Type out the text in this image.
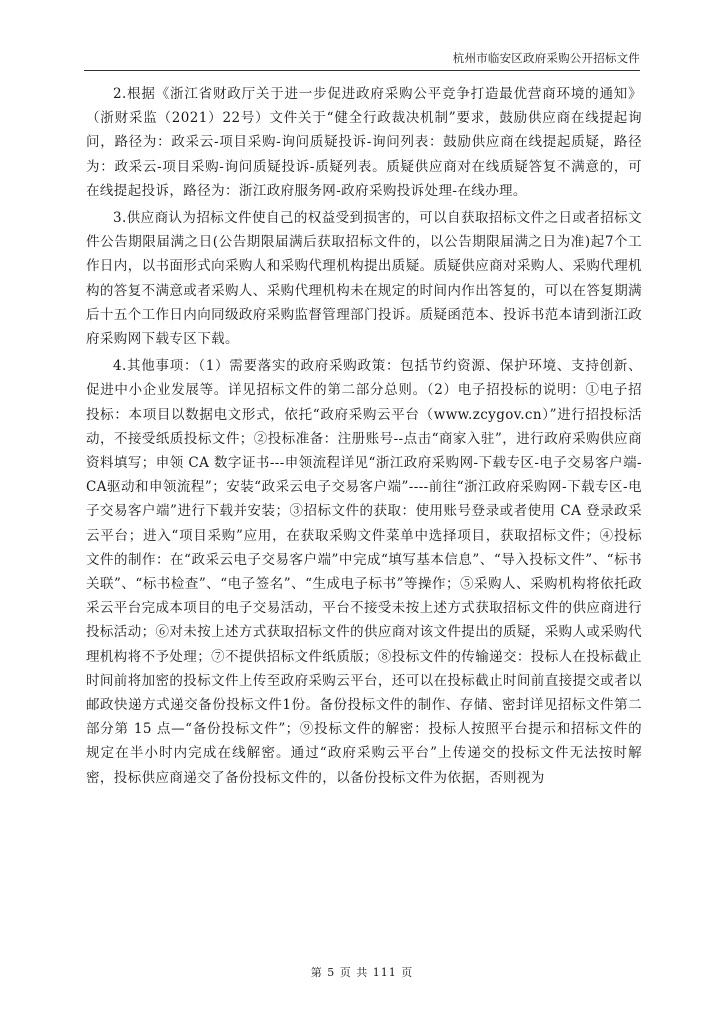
杭州市临安区政府采购公开招标文件

2.根据《浙江省财政厅关于进一步促进政府采购公平竞争打造最优营商环境的通知》（浙财采监（2021）22号）文件关于“健全行政裁决机制”要求，鼓励供应商在线提起询问，路径为：政采云-项目采购-询问质疑投诉-询问列表：鼓励供应商在线提起质疑，路径为：政采云-项目采购-询问质疑投诉-质疑列表。质疑供应商对在线质疑答复不满意的，可在线提起投诉，路径为：浙江政府服务网-政府采购投诉处理-在线办理。

3.供应商认为招标文件使自己的权益受到损害的，可以自获取招标文件之日或者招标文件公告期限届满之日(公告期限届满后获取招标文件的，以公告期限届满之日为准)起7个工作日内，以书面形式向采购人和采购代理机构提出质疑。质疑供应商对采购人、采购代理机构的答复不满意或者采购人、采购代理机构未在规定的时间内作出答复的，可以在答复期满后十五个工作日内向同级政府采购监督管理部门投诉。质疑函范本、投诉书范本请到浙江政府采购网下载专区下载。

4.其他事项：（1）需要落实的政府采购政策：包括节约资源、保护环境、支持创新、促进中小企业发展等。详见招标文件的第二部分总则。（2）电子招投标的说明：①电子招投标：本项目以数据电文形式，依托“政府采购云平台（www.zcygov.cn）”进行招投标活动，不接受纸质投标文件；②投标准备：注册账号--点击“商家入驻”，进行政府采购供应商资料填写；申领 CA 数字证书---申领流程详见“浙江政府采购网-下载专区-电子交易客户端-CA驱动和申领流程”；安装“政采云电子交易客户端”----前往“浙江政府采购网-下载专区-电子交易客户端”进行下载并安装；③招标文件的获取：使用账号登录或者使用 CA 登录政采云平台；进入“项目采购”应用，在获取采购文件菜单中选择项目，获取招标文件；④投标文件的制作：在“政采云电子交易客户端”中完成“填写基本信息”、“导入投标文件”、“标书关联”、“标书检查”、“电子签名”、“生成电子标书”等操作；⑤采购人、采购机构将依托政采云平台完成本项目的电子交易活动，平台不接受未按上述方式获取招标文件的供应商进行投标活动；⑥对未按上述方式获取招标文件的供应商对该文件提出的质疑，采购人或采购代理机构将不予处理；⑦不提供招标文件纸质版；⑧投标文件的传输递交：投标人在投标截止时间前将加密的投标文件上传至政府采购云平台，还可以在投标截止时间前直接提交或者以邮政快递方式递交备份投标文件1份。备份投标文件的制作、存储、密封详见招标文件第二部分第 15 点—“备份投标文件”；⑨投标文件的解密：投标人按照平台提示和招标文件的规定在半小时内完成在线解密。通过“政府采购云平台”上传递交的投标文件无法按时解密，投标供应商递交了备份投标文件的，以备份投标文件为依据，否则视为

第 5 页 共 111 页
